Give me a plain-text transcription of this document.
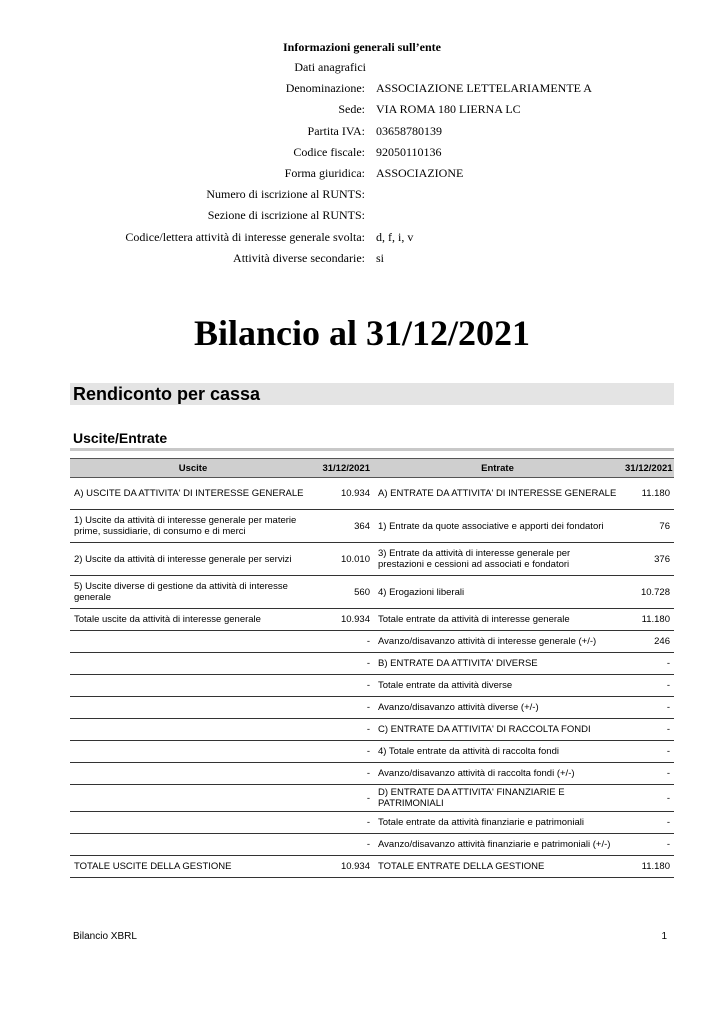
Informazioni generali sull’ente
Dati anagrafici
Denominazione: ASSOCIAZIONE LETTELARIAMENTE A
Sede: VIA ROMA 180 LIERNA LC
Partita IVA: 03658780139
Codice fiscale: 92050110136
Forma giuridica: ASSOCIAZIONE
Numero di iscrizione al RUNTS:
Sezione di iscrizione al RUNTS:
Codice/lettera attività di interesse generale svolta: d, f, i, v
Attività diverse secondarie: si
Bilancio al 31/12/2021
Rendiconto per cassa
Uscite/Entrate
Uscite	31/12/2021	Entrate	31/12/2021
A) USCITE DA ATTIVITA' DI INTERESSE GENERALE	10.934	A) ENTRATE DA ATTIVITA' DI INTERESSE GENERALE	11.180
1) Uscite da attività di interesse generale per materie prime, sussidiarie, di consumo e di merci	364	1) Entrate da quote associative e apporti dei fondatori	76
2) Uscite da attività di interesse generale per servizi	10.010	3) Entrate da attività di interesse generale per prestazioni e cessioni ad associati e fondatori	376
5) Uscite diverse di gestione da attività di interesse generale	560	4) Erogazioni liberali	10.728
Totale uscite da attività di interesse generale	10.934	Totale entrate da attività di interesse generale	11.180
	-	Avanzo/disavanzo attività di interesse generale (+/-)	246
	-	B) ENTRATE DA ATTIVITA' DIVERSE	-
	-	Totale entrate da attività diverse	-
	-	Avanzo/disavanzo attività diverse (+/-)	-
	-	C) ENTRATE DA ATTIVITA' DI RACCOLTA FONDI	-
	-	4) Totale entrate da attività di raccolta fondi	-
	-	Avanzo/disavanzo attività di raccolta fondi (+/-)	-
	-	D) ENTRATE DA ATTIVITA' FINANZIARIE E PATRIMONIALI	-
	-	Totale entrate da attività finanziarie e patrimoniali	-
	-	Avanzo/disavanzo attività finanziarie e patrimoniali (+/-)	-
TOTALE USCITE DELLA GESTIONE	10.934	TOTALE ENTRATE DELLA GESTIONE	11.180
Bilancio XBRL	1
